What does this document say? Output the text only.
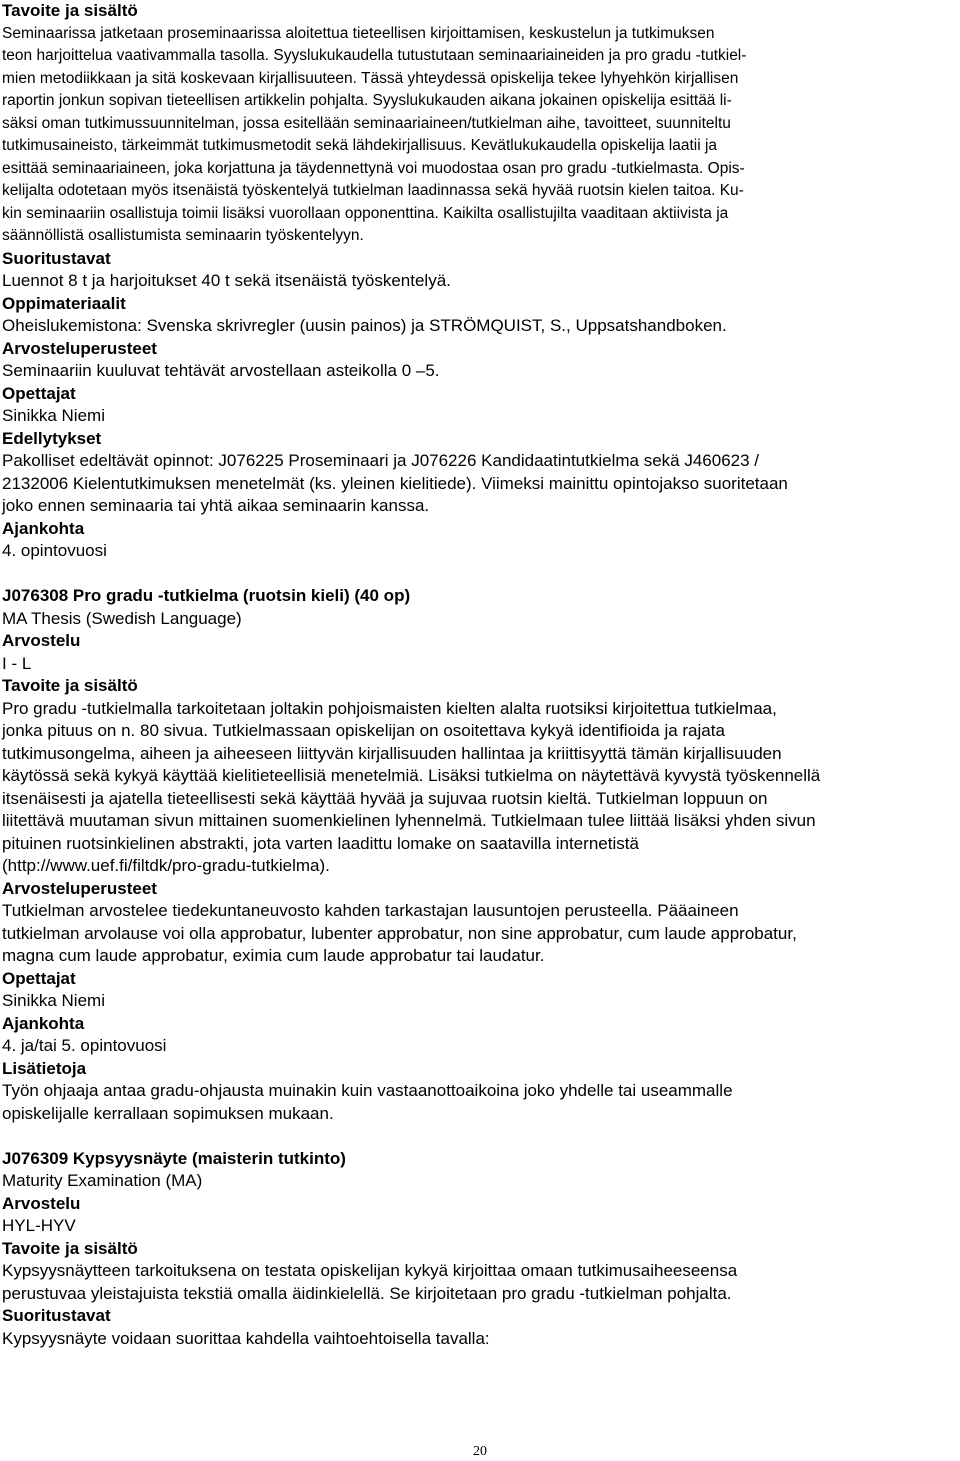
Tavoite ja sisältö

Seminaarissa jatketaan proseminaarissa aloitettua tieteellisen kirjoittamisen, keskustelun ja tutkimuksen
teon harjoittelua vaativammalla tasolla. Syyslukukaudella tutustutaan seminaariaineiden ja pro gradu -tutkiel-
mien metodiikkaan ja sitä koskevaan kirjallisuuteen. Tässä yhteydessä opiskelija tekee lyhyehkön kirjallisen
raportin jonkun sopivan tieteellisen artikkelin pohjalta. Syyslukukauden aikana jokainen opiskelija esittää li-
säksi oman tutkimussuunnitelman, jossa esitellään seminaariaineen/tutkielman aihe, tavoitteet, suunniteltu
tutkimusaineisto, tärkeimmät tutkimusmetodit sekä lähdekirjallisuus. Kevätlukukaudella opiskelija laatii ja
esittää seminaariaineen, joka korjattuna ja täydennettynä voi muodostaa osan pro gradu -tutkielmasta. Opis-
kelijalta odotetaan myös itsenäistä työskentelyä tutkielman laadinnassa sekä hyvää ruotsin kielen taitoa. Ku-
kin seminaariin osallistuja toimii lisäksi vuorollaan opponenttina. Kaikilta osallistujilta vaaditaan aktiivista ja
säännöllistä osallistumista seminaarin työskentelyyn.

Suoritustavat

Luennot 8 t ja harjoitukset 40 t sekä itsenäistä työskentelyä.

Oppimateriaalit

Oheislukemistona: Svenska skrivregler (uusin painos) ja STRÖMQUIST, S., Uppsatshandboken.

Arvosteluperusteet

Seminaariin kuuluvat tehtävät arvostellaan asteikolla 0 –5.

Opettajat

Sinikka Niemi

Edellytykset

Pakolliset edeltävät opinnot: J076225 Proseminaari ja J076226 Kandidaatintutkielma sekä J460623 /
2132006 Kielentutkimuksen menetelmät (ks. yleinen kielitiede). Viimeksi mainittu opintojakso suoritetaan
joko ennen seminaaria tai yhtä aikaa seminaarin kanssa.

Ajankohta

4. opintovuosi

J076308 Pro gradu -tutkielma (ruotsin kieli) (40 op)

MA Thesis (Swedish Language)

Arvostelu

I - L

Tavoite ja sisältö

Pro gradu -tutkielmalla tarkoitetaan joltakin pohjoismaisten kielten alalta ruotsiksi kirjoitettua tutkielmaa,
jonka pituus on n. 80 sivua. Tutkielmassaan opiskelijan on osoitettava kykyä identifioida ja rajata
tutkimusongelma, aiheen ja aiheeseen liittyvän kirjallisuuden hallintaa ja kriittisyyttä tämän kirjallisuuden
käytössä sekä kykyä käyttää kielitieteellisiä menetelmiä. Lisäksi tutkielma on näytettävä kyvystä työskennellä
itsenäisesti ja ajatella tieteellisesti sekä käyttää hyvää ja sujuvaa ruotsin kieltä. Tutkielman loppuun on
liitettävä muutaman sivun mittainen suomenkielinen lyhennelmä. Tutkielmaan tulee liittää lisäksi yhden sivun
pituinen ruotsinkielinen abstrakti, jota varten laadittu lomake on saatavilla internetistä
(http://www.uef.fi/filtdk/pro-gradu-tutkielma).

Arvosteluperusteet

Tutkielman arvostelee tiedekuntaneuvosto kahden tarkastajan lausuntojen perusteella. Pääaineen
tutkielman arvolause voi olla approbatur, lubenter approbatur, non sine approbatur, cum laude approbatur,
magna cum laude approbatur, eximia cum laude approbatur tai laudatur.

Opettajat

Sinikka Niemi

Ajankohta

4. ja/tai 5. opintovuosi

Lisätietoja

Työn ohjaaja antaa gradu-ohjausta muinakin kuin vastaanottoaikoina joko yhdelle tai useammalle
opiskelijalle kerrallaan sopimuksen mukaan.

J076309 Kypsyysnäyte (maisterin tutkinto)

Maturity Examination (MA)

Arvostelu

HYL-HYV

Tavoite ja sisältö

Kypsyysnäytteen tarkoituksena on testata opiskelijan kykyä kirjoittaa omaan tutkimusaiheeseensa
perustuvaa yleistajuista tekstiä omalla äidinkielellä. Se kirjoitetaan pro gradu -tutkielman pohjalta.

Suoritustavat

Kypsyysnäyte voidaan suorittaa kahdella vaihtoehtoisella tavalla:

20
